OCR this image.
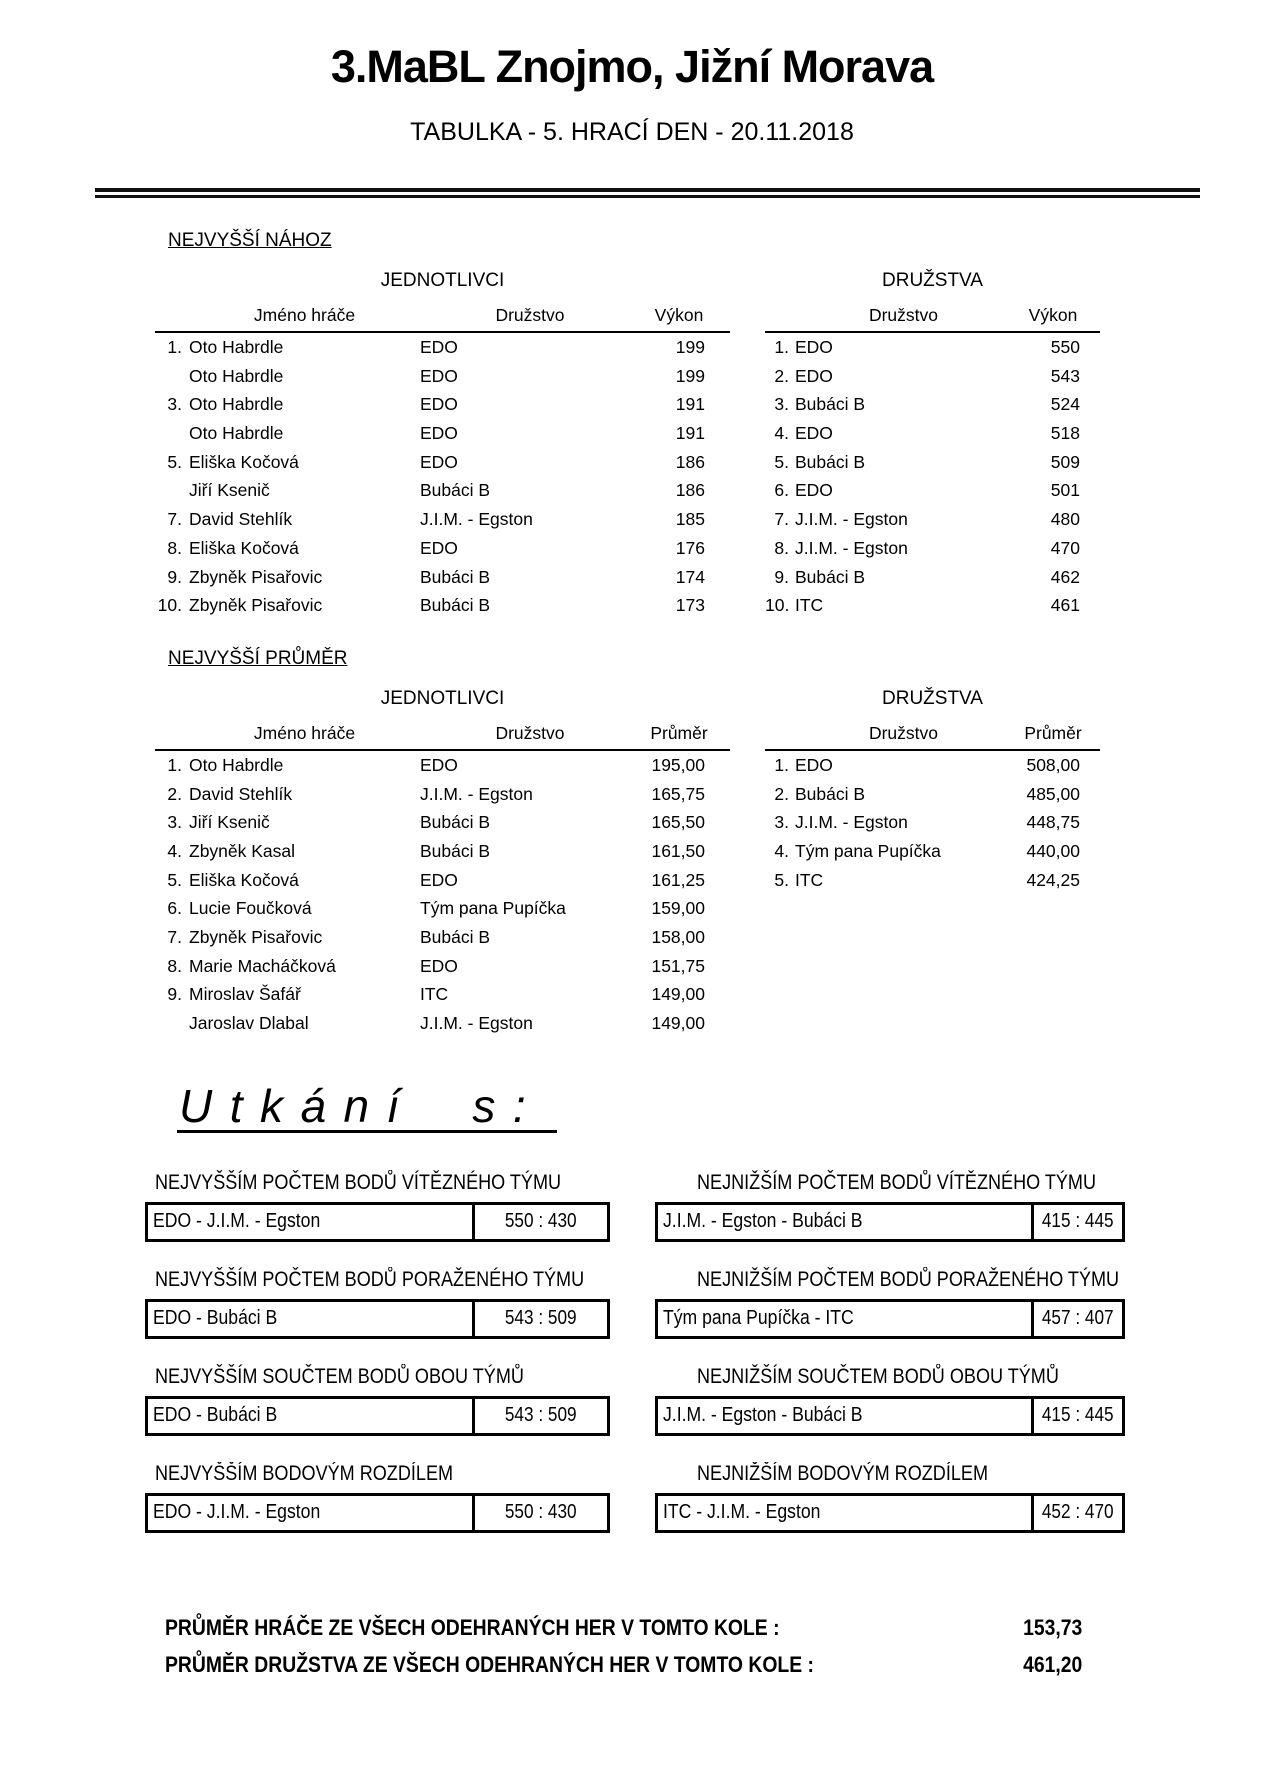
3.MaBL Znojmo, Jižní Morava
TABULKA - 5. HRACÍ DEN - 20.11.2018
NEJVYŠŠÍ NÁHOZ
JEDNOTLIVCI
Jméno hráče	Družstvo	Výkon
1. Oto Habrdle	EDO	199
Oto Habrdle	EDO	199
3. Oto Habrdle	EDO	191
Oto Habrdle	EDO	191
5. Eliška Kočová	EDO	186
Jiří Ksenič	Bubáci B	186
7. David Stehlík	J.I.M. - Egston	185
8. Eliška Kočová	EDO	176
9. Zbyněk Pisařovic	Bubáci B	174
10. Zbyněk Pisařovic	Bubáci B	173
DRUŽSTVA
Družstvo	Výkon
1. EDO	550
2. EDO	543
3. Bubáci B	524
4. EDO	518
5. Bubáci B	509
6. EDO	501
7. J.I.M. - Egston	480
8. J.I.M. - Egston	470
9. Bubáci B	462
10. ITC	461
NEJVYŠŠÍ PRŮMĚR
JEDNOTLIVCI
Jméno hráče	Družstvo	Průměr
1. Oto Habrdle	EDO	195,00
2. David Stehlík	J.I.M. - Egston	165,75
3. Jiří Ksenič	Bubáci B	165,50
4. Zbyněk Kasal	Bubáci B	161,50
5. Eliška Kočová	EDO	161,25
6. Lucie Foučková	Tým pana Pupíčka	159,00
7. Zbyněk Pisařovic	Bubáci B	158,00
8. Marie Macháčková	EDO	151,75
9. Miroslav Šafář	ITC	149,00
Jaroslav Dlabal	J.I.M. - Egston	149,00
DRUŽSTVA
Družstvo	Průměr
1. EDO	508,00
2. Bubáci B	485,00
3. J.I.M. - Egston	448,75
4. Tým pana Pupíčka	440,00
5. ITC	424,25
Utkání s:
NEJVYŠŠÍM POČTEM BODŮ VÍTĚZNÉHO TÝMU
EDO - J.I.M. - Egston	550 : 430
NEJNIŽŠÍM POČTEM BODŮ VÍTĚZNÉHO TÝMU
J.I.M. - Egston - Bubáci B	415 : 445
NEJVYŠŠÍM POČTEM BODŮ PORAŽENÉHO TÝMU
EDO - Bubáci B	543 : 509
NEJNIŽŠÍM POČTEM BODŮ PORAŽENÉHO TÝMU
Tým pana Pupíčka - ITC	457 : 407
NEJVYŠŠÍM SOUČTEM BODŮ OBOU TÝMŮ
EDO - Bubáci B	543 : 509
NEJNIŽŠÍM SOUČTEM BODŮ OBOU TÝMŮ
J.I.M. - Egston - Bubáci B	415 : 445
NEJVYŠŠÍM BODOVÝM ROZDÍLEM
EDO - J.I.M. - Egston	550 : 430
NEJNIŽŠÍM BODOVÝM ROZDÍLEM
ITC - J.I.M. - Egston	452 : 470
PRŮMĚR HRÁČE ZE VŠECH ODEHRANÝCH HER V TOMTO KOLE :	153,73
PRŮMĚR DRUŽSTVA ZE VŠECH ODEHRANÝCH HER V TOMTO KOLE :	461,20
